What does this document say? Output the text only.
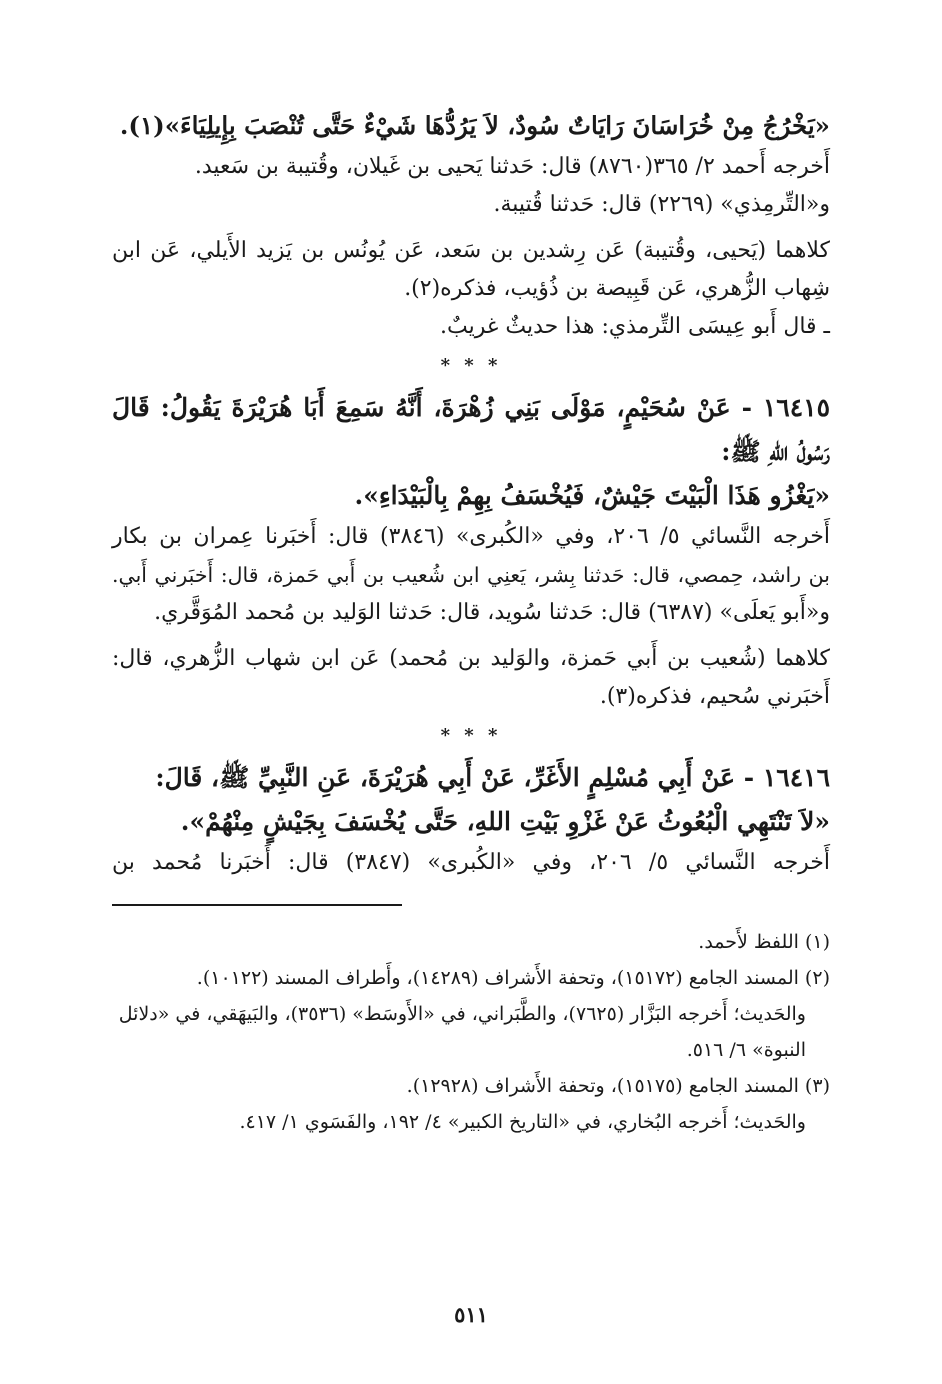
«يَخْرُجُ مِنْ خُرَاسَانَ رَايَاتٌ سُودٌ، لاَ يَرُدُّهَا شَيْءٌ حَتَّى تُنْصَبَ بِإِيلِيَاءَ»(١).
أَخرجه أَحمد ٢/ ٣٦٥(٨٧٦٠) قال: حَدثنا يَحيى بن غَيلان، وقُتيبة بن سَعيد.
و«التِّرمِذي» (٢٢٦٩) قال: حَدثنا قُتيبة.
كلاهما (يَحيى، وقُتيبة) عَن رِشدين بن سَعد، عَن يُونُس بن يَزيد الأَيلي، عَن ابن
شِهاب الزُّهري، عَن قَبِيصة بن ذُؤيب، فذكره(٢).
ـ قال أَبو عِيسَى التِّرمذي: هذا حديثٌ غريبٌ.
* * *
١٦٤١٥ - عَنْ سُحَيْمٍ، مَوْلَى بَنِي زُهْرَةَ، أَنَّهُ سَمِعَ أَبَا هُرَيْرَةَ يَقُولُ: قَالَ
رَسُولُ اللهِ ﷺ:
«يَغْزُو هَذَا الْبَيْتَ جَيْشٌ، فَيُخْسَفُ بِهِمْ بِالْبَيْدَاءِ».
أَخرجه النَّسائي ٥/ ٢٠٦، وفي «الكُبرى» (٣٨٤٦) قال: أَخبَرنا عِمران بن بكار
بن راشد، حِمصي، قال: حَدثنا بِشر، يَعنِي ابن شُعيب بن أَبي حَمزة، قال: أَخبَرني أَبي.
و«أَبو يَعلَى» (٦٣٨٧) قال: حَدثنا سُويد، قال: حَدثنا الوَليد بن مُحمد المُوَقَّري.
كلاهما (شُعيب بن أَبي حَمزة، والوَليد بن مُحمد) عَن ابن شهاب الزُّهري، قال:
أَخبَرني سُحيم، فذكره(٣).
* * *
١٦٤١٦ - عَنْ أَبِي مُسْلِمٍ الأَغَرِّ، عَنْ أَبِي هُرَيْرَةَ، عَنِ النَّبِيِّ ﷺ، قَالَ:
«لاَ تَنْتَهِي الْبُعُوثُ عَنْ غَزْوِ بَيْتِ اللهِ، حَتَّى يُخْسَفَ بِجَيْشٍ مِنْهُمْ».
أَخرجه النَّسائي ٥/ ٢٠٦، وفي «الكُبرى» (٣٨٤٧) قال: أَخبَرنا مُحمد بن
(١) اللفظ لأَحمد.
(٢) المسند الجامع (١٥١٧٢)، وتحفة الأَشراف (١٤٢٨٩)، وأَطراف المسند (١٠١٢٢).
والحَديث؛ أَخرجه البَزَّار (٧٦٢٥)، والطَّبَراني، في «الأَوسَط» (٣٥٣٦)، والبَيهَقي، في «دلائل
النبوة» ٦/ ٥١٦.
(٣) المسند الجامع (١٥١٧٥)، وتحفة الأَشراف (١٢٩٢٨).
والحَديث؛ أَخرجه البُخاري، في «التاريخ الكبير» ٤/ ١٩٢، والفَسَوي ١/ ٤١٧.
٥١١
